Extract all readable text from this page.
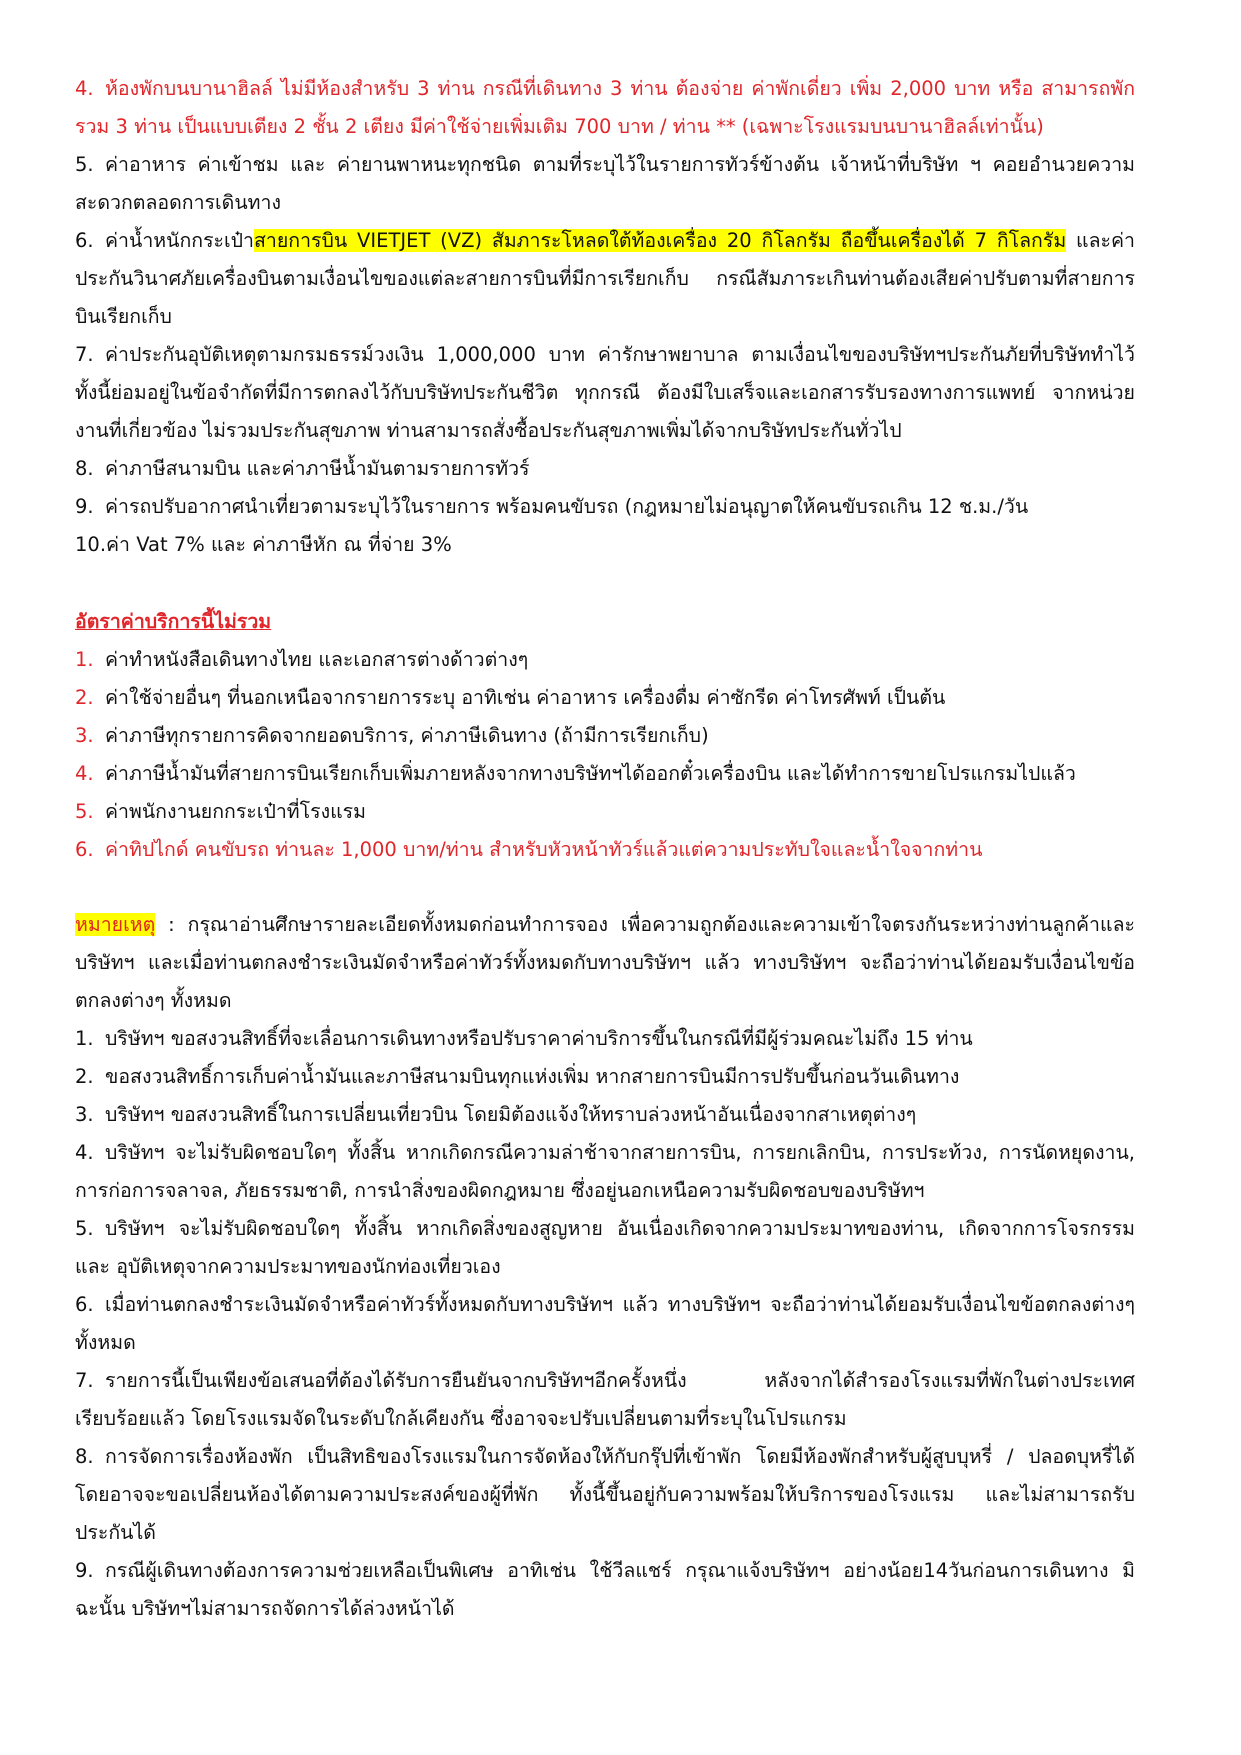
4. ห้องพักบนบานาฮิลล์ ไม่มีห้องสำหรับ 3 ท่าน กรณีที่เดินทาง 3 ท่าน ต้องจ่าย ค่าพักเดี่ยว เพิ่ม 2,000 บาท หรือ สามารถพักรวม 3 ท่าน เป็นแบบเตียง 2 ชั้น 2 เตียง มีค่าใช้จ่ายเพิ่มเติม 700 บาท / ท่าน ** (เฉพาะโรงแรมบนบานาฮิลล์เท่านั้น)
5. ค่าอาหาร ค่าเข้าชม และ ค่ายานพาหนะทุกชนิด ตามที่ระบุไว้ในรายการทัวร์ข้างต้น เจ้าหน้าที่บริษัท ฯ คอยอำนวยความสะดวกตลอดการเดินทาง
6. ค่าน้ำหนักกระเป๋าสายการบิน VIETJET (VZ) สัมภาระโหลดใต้ท้องเครื่อง 20 กิโลกรัม ถือขึ้นเครื่องได้ 7 กิโลกรัม และค่าประกันวินาศภัยเครื่องบินตามเงื่อนไขของแต่ละสายการบินที่มีการเรียกเก็บ กรณีสัมภาระเกินท่านต้องเสียค่าปรับตามที่สายการบินเรียกเก็บ
7. ค่าประกันอุบัติเหตุตามกรมธรรม์วงเงิน 1,000,000 บาท ค่ารักษาพยาบาล ตามเงื่อนไขของบริษัทฯประกันภัยที่บริษัททำไว้ ทั้งนี้ย่อมอยู่ในข้อจำกัดที่มีการตกลงไว้กับบริษัทประกันชีวิต ทุกกรณี ต้องมีใบเสร็จและเอกสารรับรองทางการแพทย์ จากหน่วยงานที่เกี่ยวข้อง ไม่รวมประกันสุขภาพ ท่านสามารถสั่งซื้อประกันสุขภาพเพิ่มได้จากบริษัทประกันทั่วไป
8. ค่าภาษีสนามบิน และค่าภาษีน้ำมันตามรายการทัวร์
9. ค่ารถปรับอากาศนำเที่ยวตามระบุไว้ในรายการ พร้อมคนขับรถ (กฎหมายไม่อนุญาตให้คนขับรถเกิน 12 ช.ม./วัน
10.ค่า Vat 7% และ ค่าภาษีหัก ณ ที่จ่าย 3%
อัตราค่าบริการนี้ไม่รวม
1. ค่าทำหนังสือเดินทางไทย และเอกสารต่างด้าวต่างๆ
2. ค่าใช้จ่ายอื่นๆ ที่นอกเหนือจากรายการระบุ อาทิเช่น ค่าอาหาร เครื่องดื่ม ค่าซักรีด ค่าโทรศัพท์ เป็นต้น
3. ค่าภาษีทุกรายการคิดจากยอดบริการ, ค่าภาษีเดินทาง (ถ้ามีการเรียกเก็บ)
4. ค่าภาษีน้ำมันที่สายการบินเรียกเก็บเพิ่มภายหลังจากทางบริษัทฯได้ออกตั๋วเครื่องบิน และได้ทำการขายโปรแกรมไปแล้ว
5. ค่าพนักงานยกกระเป๋าที่โรงแรม
6. ค่าทิปไกด์ คนขับรถ ท่านละ 1,000 บาท/ท่าน สำหรับหัวหน้าทัวร์แล้วแต่ความประทับใจและน้ำใจจากท่าน
หมายเหตุ : กรุณาอ่านศึกษารายละเอียดทั้งหมดก่อนทำการจอง เพื่อความถูกต้องและความเข้าใจตรงกันระหว่างท่านลูกค้าและบริษัทฯ และเมื่อท่านตกลงชำระเงินมัดจำหรือค่าทัวร์ทั้งหมดกับทางบริษัทฯ แล้ว ทางบริษัทฯ จะถือว่าท่านได้ยอมรับเงื่อนไขข้อตกลงต่างๆ ทั้งหมด
1. บริษัทฯ ขอสงวนสิทธิ์ที่จะเลื่อนการเดินทางหรือปรับราคาค่าบริการขึ้นในกรณีที่มีผู้ร่วมคณะไม่ถึง 15 ท่าน
2. ขอสงวนสิทธิ์การเก็บค่าน้ำมันและภาษีสนามบินทุกแห่งเพิ่ม หากสายการบินมีการปรับขึ้นก่อนวันเดินทาง
3. บริษัทฯ ขอสงวนสิทธิ์ในการเปลี่ยนเที่ยวบิน โดยมิต้องแจ้งให้ทราบล่วงหน้าอันเนื่องจากสาเหตุต่างๆ
4. บริษัทฯ จะไม่รับผิดชอบใดๆ ทั้งสิ้น หากเกิดกรณีความล่าช้าจากสายการบิน, การยกเลิกบิน, การประท้วง, การนัดหยุดงาน, การก่อการจลาจล, ภัยธรรมชาติ, การนำสิ่งของผิดกฎหมาย ซึ่งอยู่นอกเหนือความรับผิดชอบของบริษัทฯ
5. บริษัทฯ จะไม่รับผิดชอบใดๆ ทั้งสิ้น หากเกิดสิ่งของสูญหาย อันเนื่องเกิดจากความประมาทของท่าน, เกิดจากการโจรกรรม และ อุบัติเหตุจากความประมาทของนักท่องเที่ยวเอง
6. เมื่อท่านตกลงชำระเงินมัดจำหรือค่าทัวร์ทั้งหมดกับทางบริษัทฯ แล้ว ทางบริษัทฯ จะถือว่าท่านได้ยอมรับเงื่อนไขข้อตกลงต่างๆ ทั้งหมด
7. รายการนี้เป็นเพียงข้อเสนอที่ต้องได้รับการยืนยันจากบริษัทฯอีกครั้งหนึ่ง หลังจากได้สำรองโรงแรมที่พักในต่างประเทศเรียบร้อยแล้ว โดยโรงแรมจัดในระดับใกล้เคียงกัน ซึ่งอาจจะปรับเปลี่ยนตามที่ระบุในโปรแกรม
8. การจัดการเรื่องห้องพัก เป็นสิทธิของโรงแรมในการจัดห้องให้กับกรุ๊ปที่เข้าพัก โดยมีห้องพักสำหรับผู้สูบบุหรี่ / ปลอดบุหรี่ได้ โดยอาจจะขอเปลี่ยนห้องได้ตามความประสงค์ของผู้ที่พัก ทั้งนี้ขึ้นอยู่กับความพร้อมให้บริการของโรงแรม และไม่สามารถรับประกันได้
9. กรณีผู้เดินทางต้องการความช่วยเหลือเป็นพิเศษ อาทิเช่น ใช้วีลแชร์ กรุณาแจ้งบริษัทฯ อย่างน้อย14วันก่อนการเดินทาง มิฉะนั้น บริษัทฯไม่สามารถจัดการได้ล่วงหน้าได้
